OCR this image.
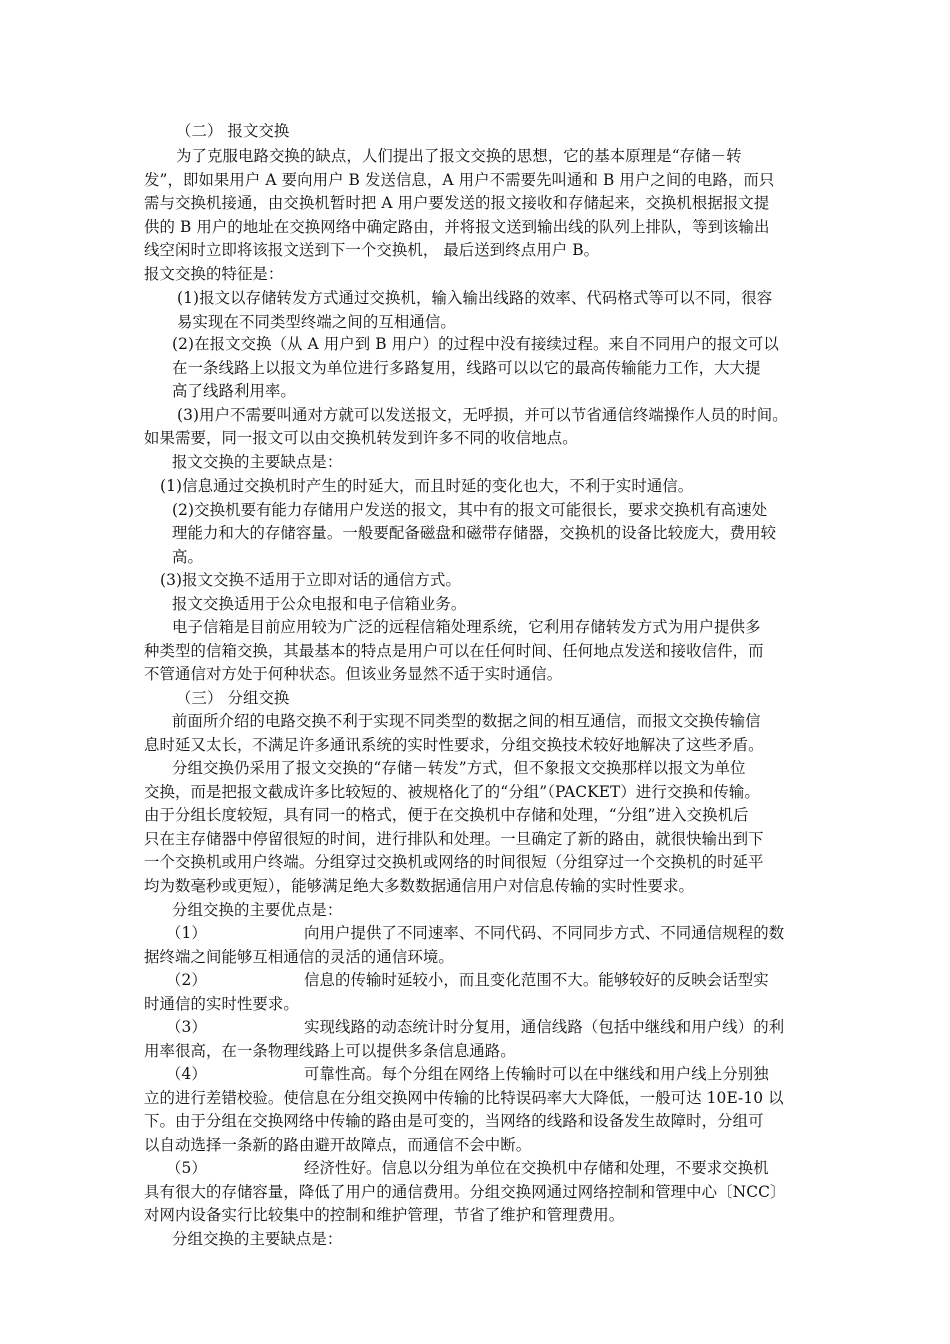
（二） 报文交换
为了克服电路交换的缺点，人们提出了报文交换的思想，它的基本原理是“存储－转
发”，即如果用户 A 要向用户 B 发送信息，A 用户不需要先叫通和 B 用户之间的电路，而只
需与交换机接通，由交换机暂时把 A 用户要发送的报文接收和存储起来，交换机根据报文提
供的 B 用户的地址在交换网络中确定路由，并将报文送到输出线的队列上排队，等到该输出
线空闲时立即将该报文送到下一个交换机， 最后送到终点用户 B。
报文交换的特征是：
(1)报文以存储转发方式通过交换机，输入输出线路的效率、代码格式等可以不同，很容
易实现在不同类型终端之间的互相通信。
(2)在报文交换（从 A 用户到 B 用户）的过程中没有接续过程。来自不同用户的报文可以
在一条线路上以报文为单位进行多路复用，线路可以以它的最高传输能力工作，大大提
高了线路利用率。
(3)用户不需要叫通对方就可以发送报文，无呼损，并可以节省通信终端操作人员的时间。
如果需要，同一报文可以由交换机转发到许多不同的收信地点。
报文交换的主要缺点是：
(1)信息通过交换机时产生的时延大，而且时延的变化也大，不利于实时通信。
(2)交换机要有能力存储用户发送的报文，其中有的报文可能很长，要求交换机有高速处
理能力和大的存储容量。一般要配备磁盘和磁带存储器，交换机的设备比较庞大，费用较
高。
(3)报文交换不适用于立即对话的通信方式。
报文交换适用于公众电报和电子信箱业务。
电子信箱是目前应用较为广泛的远程信箱处理系统，它利用存储转发方式为用户提供多
种类型的信箱交换，其最基本的特点是用户可以在任何时间、任何地点发送和接收信件，而
不管通信对方处于何种状态。但该业务显然不适于实时通信。
（三） 分组交换
前面所介绍的电路交换不利于实现不同类型的数据之间的相互通信，而报文交换传输信
息时延又太长，不满足许多通讯系统的实时性要求，分组交换技术较好地解决了这些矛盾。
分组交换仍采用了报文交换的“存储－转发”方式，但不象报文交换那样以报文为单位
交换，而是把报文截成许多比较短的、被规格化了的“分组”（PACKET）进行交换和传输。
由于分组长度较短，具有同一的格式，便于在交换机中存储和处理，“分组”进入交换机后
只在主存储器中停留很短的时间，进行排队和处理。一旦确定了新的路由，就很快输出到下
一个交换机或用户终端。分组穿过交换机或网络的时间很短（分组穿过一个交换机的时延平
均为数毫秒或更短），能够满足绝大多数数据通信用户对信息传输的实时性要求。
分组交换的主要优点是：
（1）	向用户提供了不同速率、不同代码、不同同步方式、不同通信规程的数
据终端之间能够互相通信的灵活的通信环境。
（2）	信息的传输时延较小，而且变化范围不大。能够较好的反映会话型实
时通信的实时性要求。
（3）	实现线路的动态统计时分复用，通信线路（包括中继线和用户线）的利
用率很高，在一条物理线路上可以提供多条信息通路。
（4）	可靠性高。每个分组在网络上传输时可以在中继线和用户线上分别独
立的进行差错校验。使信息在分组交换网中传输的比特误码率大大降低，一般可达 10E-10 以
下。由于分组在交换网络中传输的路由是可变的，当网络的线路和设备发生故障时，分组可
以自动选择一条新的路由避开故障点，而通信不会中断。
（5）	经济性好。信息以分组为单位在交换机中存储和处理，不要求交换机
具有很大的存储容量，降低了用户的通信费用。分组交换网通过网络控制和管理中心〔NCC〕
对网内设备实行比较集中的控制和维护管理，节省了维护和管理费用。
分组交换的主要缺点是：
